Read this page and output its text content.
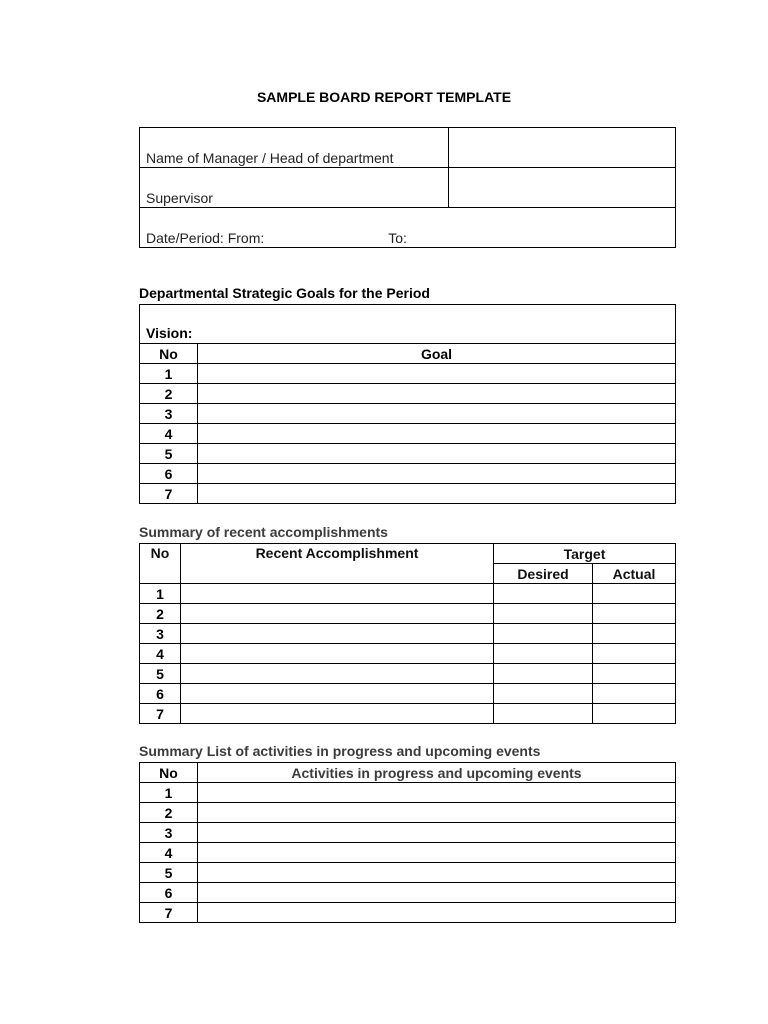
SAMPLE BOARD REPORT TEMPLATE
Name of Manager / Head of department	
Supervisor	
Date/Period: From: To:	
Departmental Strategic Goals for the Period
Vision:	
No	Goal
1	
2	
3	
4	
5	
6	
7	
Summary of recent accomplishments
No	Recent Accomplishment	Target	
		Desired	Actual
1			
2			
3			
4			
5			
6			
7			
Summary List of activities in progress and upcoming events
No	Activities in progress and upcoming events
1	
2	
3	
4	
5	
6	
7	
